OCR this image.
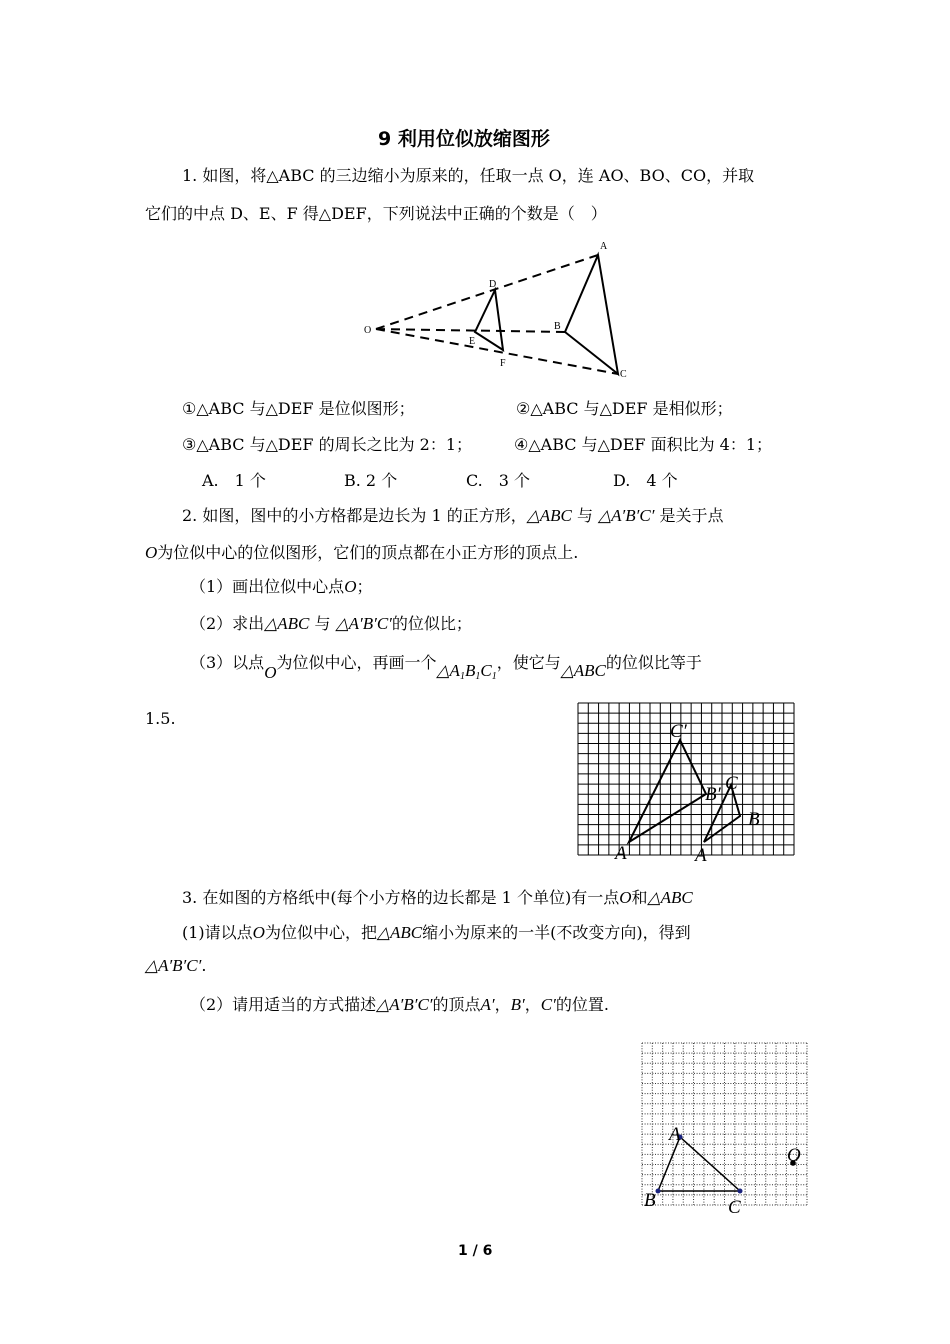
9 利用位似放缩图形
1. 如图，将△ABC 的三边缩小为原来的，任取一点 O，连 AO、BO、CO，并取
它们的中点 D、E、F 得△DEF，下列说法中正确的个数是（　）
O
A
B
C
D
E
F
①△ABC 与△DEF 是位似图形；	②△ABC 与△DEF 是相似形；
③△ABC 与△DEF 的周长之比为 2：1；	④△ABC 与△DEF 面积比为 4：1；
A.　1 个	B. 2 个	C.　3 个	D.　4 个
2. 如图，图中的小方格都是边长为 1 的正方形，△ABC 与 △A′B′C′ 是关于点
O为位似中心的位似图形，它们的顶点都在小正方形的顶点上.
（1）画出位似中心点O；
（2）求出△ABC 与 △A′B′C′的位似比；
（3）以点O为位似中心，再画一个$\triangle A_1B_1C_1$，使它与△ABC的位似比等于
1.5.
C′
B′
C
B
A	A
3. 在如图的方格纸中(每个小方格的边长都是 1 个单位)有一点O和△ABC
(1)请以点O为位似中心，把△ABC缩小为原来的一半(不改变方向)，得到
△A′B′C′.
（2）请用适当的方式描述△A′B′C′的顶点A′，B′，C′的位置.
A
B	C
O
1 / 6
